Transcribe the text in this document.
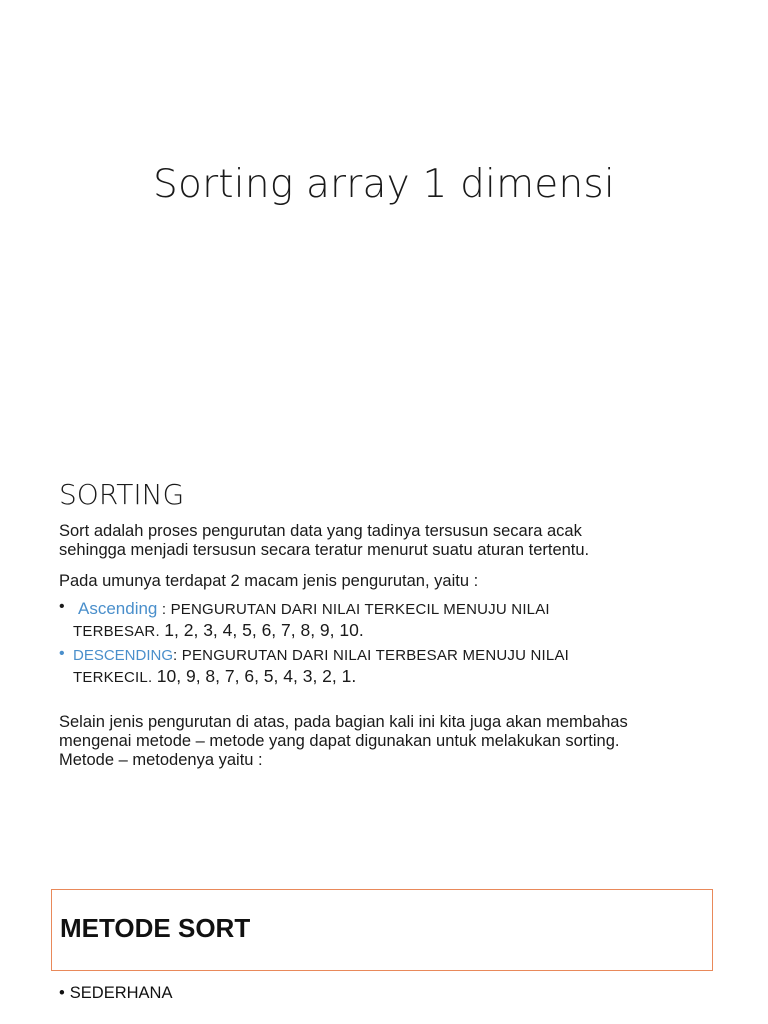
Sorting array 1 dimensi
SORTING
Sort adalah proses pengurutan data yang tadinya tersusun secara acak
sehingga menjadi tersusun secara teratur menurut suatu aturan tertentu.
Pada umunya terdapat 2 macam jenis pengurutan, yaitu :
• Ascending : PENGURUTAN DARI NILAI TERKECIL MENUJU NILAI
TERBESAR. 1, 2, 3, 4, 5, 6, 7, 8, 9, 10.
• DESCENDING: PENGURUTAN DARI NILAI TERBESAR MENUJU NILAI
TERKECIL. 10, 9, 8, 7, 6, 5, 4, 3, 2, 1.
Selain jenis pengurutan di atas, pada bagian kali ini kita juga akan membahas
mengenai metode – metode yang dapat digunakan untuk melakukan sorting.
Metode – metodenya yaitu :
METODE SORT
• SEDERHANA
